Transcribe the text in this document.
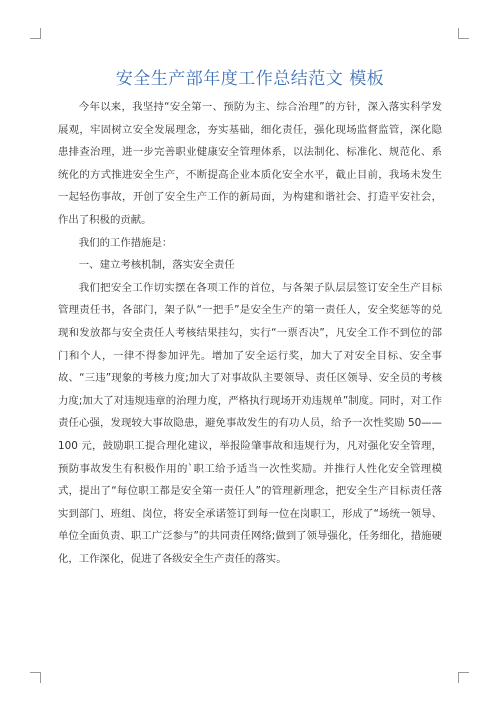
安全生产部年度工作总结范文 模板

今年以来，我坚持“安全第一、预防为主、综合治理”的方针，深入落实科学发展观，牢固树立安全发展理念，夯实基础，细化责任，强化现场监督监管，深化隐患排查治理，进一步完善职业健康安全管理体系，以法制化、标准化、规范化、系统化的方式推进安全生产，不断提高企业本质化安全水平，截止目前，我场未发生一起轻伤事故，开创了安全生产工作的新局面，为构建和谐社会、打造平安社会，作出了积极的贡献。

我们的工作措施是：

一、建立考核机制，落实安全责任

我们把安全工作切实摆在各项工作的首位，与各架子队层层签订安全生产目标管理责任书，各部门，架子队“一把手”是安全生产的第一责任人，安全奖惩等的兑现和发放都与安全责任人考核结果挂勾，实行“一票否决”，凡安全工作不到位的部门和个人，一律不得参加评先。增加了安全运行奖，加大了对安全目标、安全事故、“三违”现象的考核力度;加大了对事故队主要领导、责任区领导、安全员的考核力度;加大了对违规违章的治理力度，严格执行现场开劝违规单”制度。同时，对工作责任心强，发现较大事故隐患，避免事故发生的有功人员，给予一次性奖励 50——100 元，鼓励职工提合理化建议，举报险肇事故和违规行为，凡对强化安全管理，预防事故发生有积极作用的`职工给予适当一次性奖励。并推行人性化安全管理模式，提出了“每位职工都是安全第一责任人”的管理新理念，把安全生产目标责任落实到部门、班组、岗位，将安全承诺签订到每一位在岗职工，形成了“场统一领导、单位全面负责、职工广泛参与”的共同责任网络;做到了领导强化，任务细化，措施硬化，工作深化，促进了各级安全生产责任的落实。
